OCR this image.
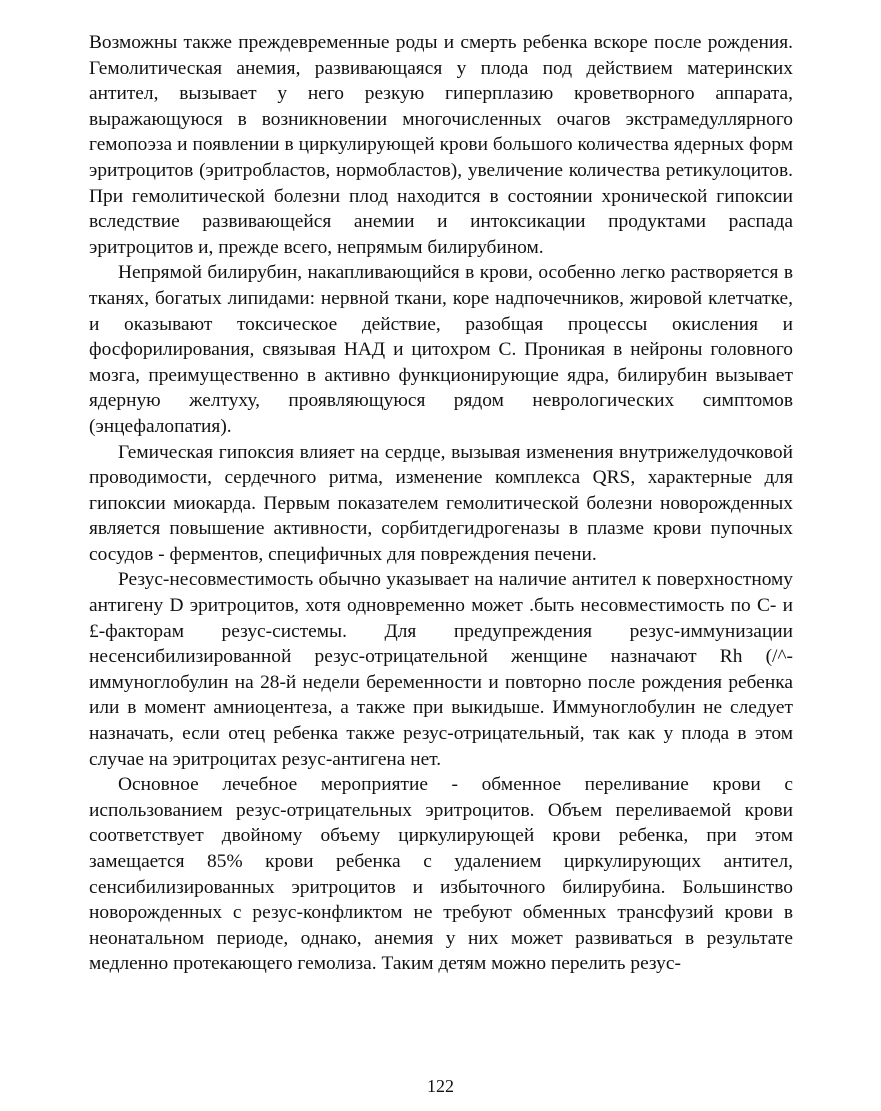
Возможны также преждевременные роды и смерть ребенка вскоре после рождения. Гемолитическая анемия, развивающаяся у плода под действием материнских антител, вызывает у него резкую гиперплазию кроветворного аппарата, выражающуюся в возникновении многочисленных очагов экстрамедуллярного гемопоэза и появлении в циркулирующей крови большого количества ядерных форм эритроцитов (эритробластов, нормобластов), увеличение количества ретикулоцитов. При гемолитической болезни плод находится в состоянии хронической гипоксии вследствие развивающейся анемии и интоксикации продуктами распада эритроцитов и, прежде всего, непрямым билирубином.

Непрямой билирубин, накапливающийся в крови, особенно легко растворяется в тканях, богатых липидами: нервной ткани, коре надпочечников, жировой клетчатке, и оказывают токсическое действие, разобщая процессы окисления и фосфорилирования, связывая НАД и цитохром С. Проникая в нейроны головного мозга, преимущественно в активно функционирующие ядра, билирубин вызывает ядерную желтуху, проявляющуюся рядом неврологических симптомов (энцефалопатия).

Гемическая гипоксия влияет на сердце, вызывая изменения внутрижелудочковой проводимости, сердечного ритма, изменение комплекса QRS, характерные для гипоксии миокарда. Первым показателем гемолитической болезни новорожденных является повышение активности, сорбитдегидрогеназы в плазме крови пупочных сосудов - ферментов, специфичных для повреждения печени.

Резус-несовместимость обычно указывает на наличие антител к поверхностному антигену D эритроцитов, хотя одновременно может .быть несовместимость по С- и £-факторам резус-системы. Для предупреждения резус-иммунизации несенсибилизированной резус-отрицательной женщине назначают Rh (/^-иммуноглобулин на 28-й недели беременности и повторно после рождения ребенка или в момент амниоцентеза, а также при выкидыше. Иммуноглобулин не следует назначать, если отец ребенка также резус-отрицательный, так как у плода в этом случае на эритроцитах резус-антигена нет.

Основное лечебное мероприятие - обменное переливание крови с использованием резус-отрицательных эритроцитов. Объем переливаемой крови соответствует двойному объему циркулирующей крови ребенка, при этом замещается 85% крови ребенка с удалением циркулирующих антител, сенсибилизированных эритроцитов и избыточного билирубина. Большинство новорожденных с резус-конфликтом не требуют обменных трансфузий крови в неонатальном периоде, однако, анемия у них может развиваться в результате медленно протекающего гемолиза. Таким детям можно перелить резус-

122
